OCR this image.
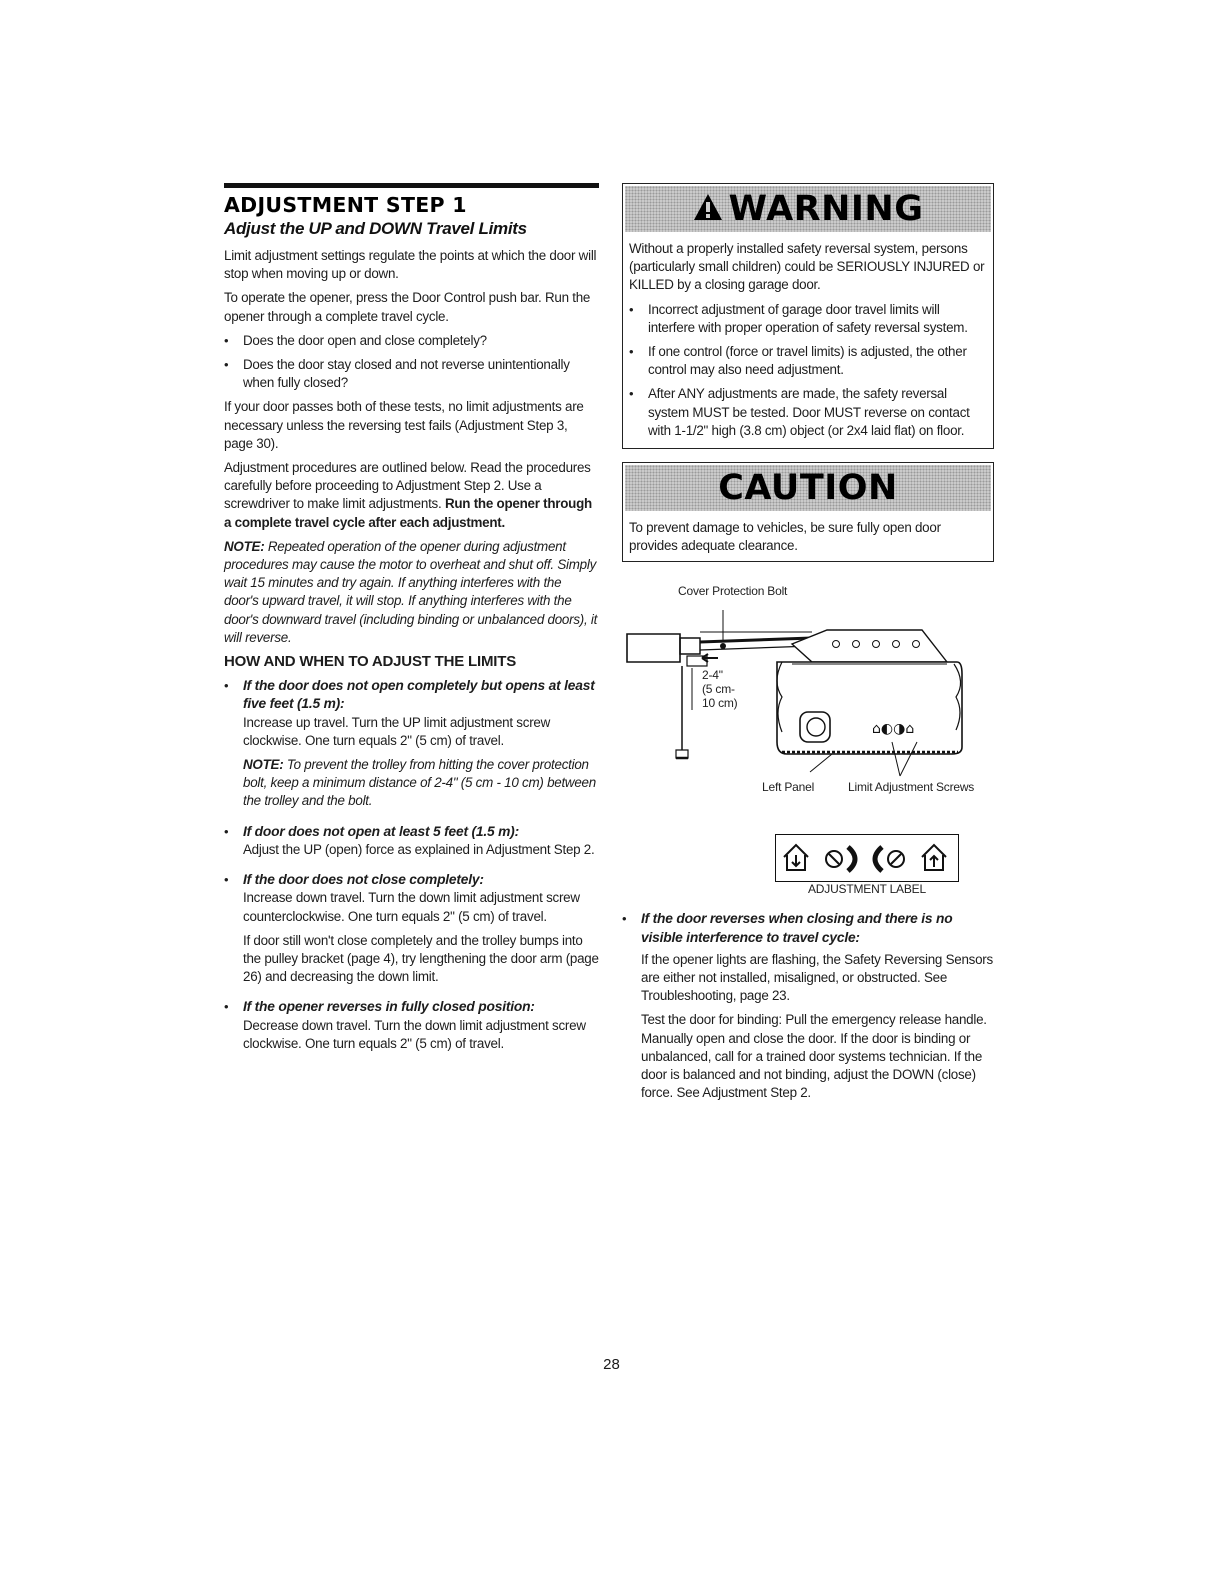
ADJUSTMENT STEP 1
Adjust the UP and DOWN Travel Limits

Limit adjustment settings regulate the points at which the door will stop when moving up or down.

To operate the opener, press the Door Control push bar. Run the opener through a complete travel cycle.

•	Does the door open and close completely?
•	Does the door stay closed and not reverse unintentionally when fully closed?

If your door passes both of these tests, no limit adjustments are necessary unless the reversing test fails (Adjustment Step 3, page 30).

Adjustment procedures are outlined below. Read the procedures carefully before proceeding to Adjustment Step 2. Use a screwdriver to make limit adjustments. Run the opener through a complete travel cycle after each adjustment.

NOTE: Repeated operation of the opener during adjustment procedures may cause the motor to overheat and shut off. Simply wait 15 minutes and try again. If anything interferes with the door's upward travel, it will stop. If anything interferes with the door's downward travel (including binding or unbalanced doors), it will reverse.

HOW AND WHEN TO ADJUST THE LIMITS
•	If the door does not open completely but opens at least five feet (1.5 m):

Increase up travel. Turn the UP limit adjustment screw clockwise. One turn equals 2" (5 cm) of travel.

NOTE: To prevent the trolley from hitting the cover protection bolt, keep a minimum distance of 2-4" (5 cm - 10 cm) between the trolley and the bolt.

•	If door does not open at least 5 feet (1.5 m):

Adjust the UP (open) force as explained in Adjustment Step 2.

•	If the door does not close completely:

Increase down travel. Turn the down limit adjustment screw counterclockwise. One turn equals 2" (5 cm) of travel.

If door still won't close completely and the trolley bumps into the pulley bracket (page 4), try lengthening the door arm (page 26) and decreasing the down limit.

•	If the opener reverses in fully closed position:

Decrease down travel. Turn the down limit adjustment screw clockwise. One turn equals 2" (5 cm) of travel.

WARNING

Without a properly installed safety reversal system, persons (particularly small children) could be SERIOUSLY INJURED or KILLED by a closing garage door.

•	Incorrect adjustment of garage door travel limits will interfere with proper operation of safety reversal system.
•	If one control (force or travel limits) is adjusted, the other control may also need adjustment.
•	After ANY adjustments are made, the safety reversal system MUST be tested. Door MUST reverse on contact with 1-1/2" high (3.8 cm) object (or 2x4 laid flat) on floor.
CAUTION

To prevent damage to vehicles, be sure fully open door provides adequate clearance.

Cover Protection Bolt
⌂◐◑⌂
2-4"
(5 cm-
10 cm)
Left Panel	Limit Adjustment Screws
ADJUSTMENT LABEL
•	If the door reverses when closing and there is no visible interference to travel cycle:

If the opener lights are flashing, the Safety Reversing Sensors are either not installed, misaligned, or obstructed. See Troubleshooting, page 23.

Test the door for binding: Pull the emergency release handle. Manually open and close the door. If the door is binding or unbalanced, call for a trained door systems technician. If the door is balanced and not binding, adjust the DOWN (close) force. See Adjustment Step 2.

28
